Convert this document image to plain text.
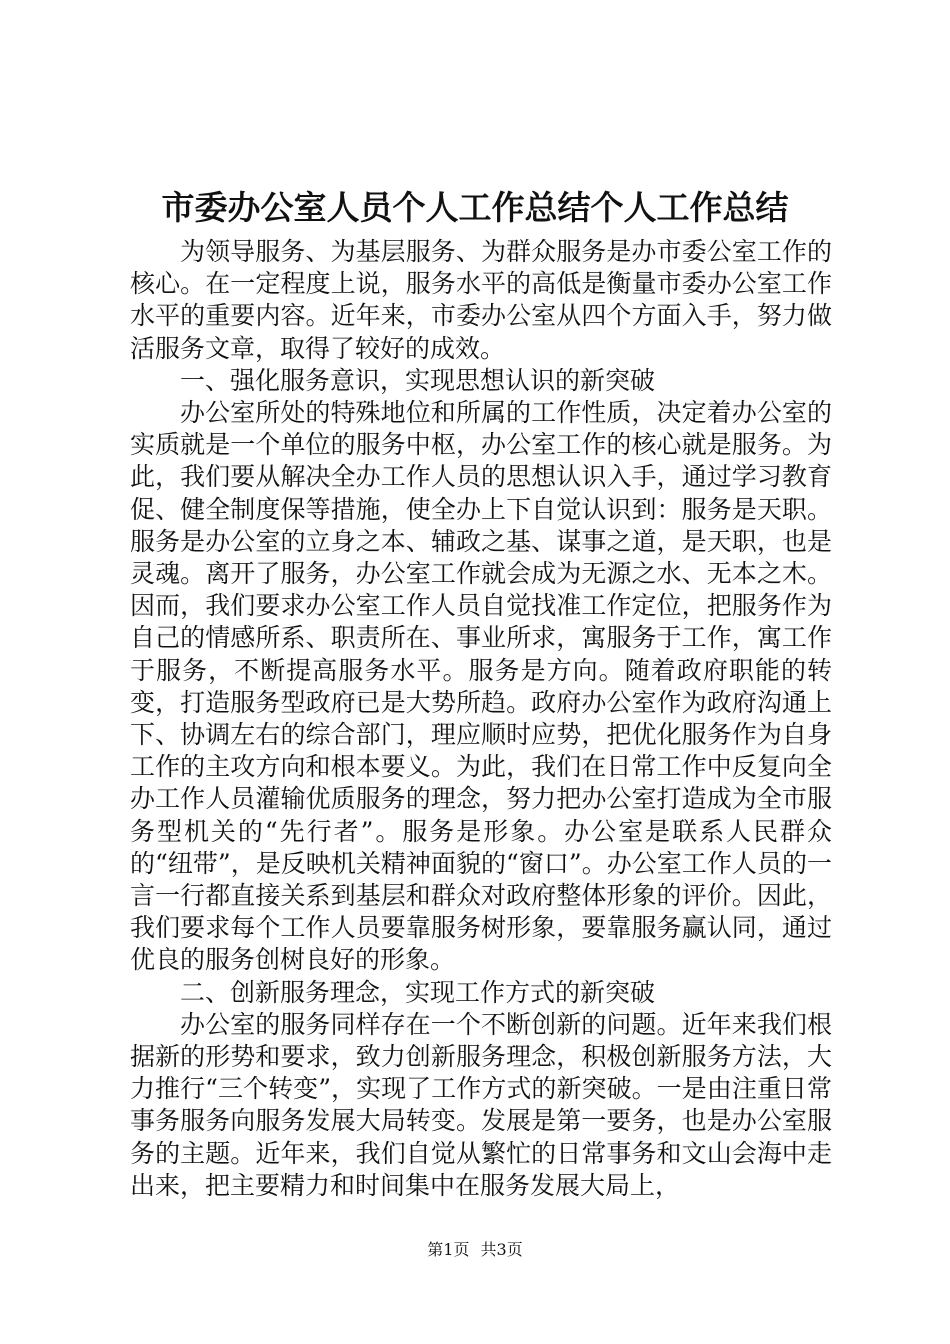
市委办公室人员个人工作总结个人工作总结

为领导服务、为基层服务、为群众服务是办市委公室工作的核心。在一定程度上说，服务水平的高低是衡量市委办公室工作水平的重要内容。近年来，市委办公室从四个方面入手，努力做活服务文章，取得了较好的成效。

一、强化服务意识，实现思想认识的新突破

办公室所处的特殊地位和所属的工作性质，决定着办公室的实质就是一个单位的服务中枢，办公室工作的核心就是服务。为此，我们要从解决全办工作人员的思想认识入手，通过学习教育促、健全制度保等措施，使全办上下自觉认识到：服务是天职。服务是办公室的立身之本、辅政之基、谋事之道，是天职，也是灵魂。离开了服务，办公室工作就会成为无源之水、无本之木。因而，我们要求办公室工作人员自觉找准工作定位，把服务作为自己的情感所系、职责所在、事业所求，寓服务于工作，寓工作于服务，不断提高服务水平。服务是方向。随着政府职能的转变，打造服务型政府已是大势所趋。政府办公室作为政府沟通上下、协调左右的综合部门，理应顺时应势，把优化服务作为自身工作的主攻方向和根本要义。为此，我们在日常工作中反复向全办工作人员灌输优质服务的理念，努力把办公室打造成为全市服务型机关的“先行者”。服务是形象。办公室是联系人民群众的“纽带”，是反映机关精神面貌的“窗口”。办公室工作人员的一言一行都直接关系到基层和群众对政府整体形象的评价。因此，我们要求每个工作人员要靠服务树形象，要靠服务赢认同，通过优良的服务创树良好的形象。

二、创新服务理念，实现工作方式的新突破

办公室的服务同样存在一个不断创新的问题。近年来我们根据新的形势和要求，致力创新服务理念，积极创新服务方法，大力推行“三个转变”，实现了工作方式的新突破。一是由注重日常事务服务向服务发展大局转变。发展是第一要务，也是办公室服务的主题。近年来，我们自觉从繁忙的日常事务和文山会海中走出来，把主要精力和时间集中在服务发展大局上，

第1页 共3页
